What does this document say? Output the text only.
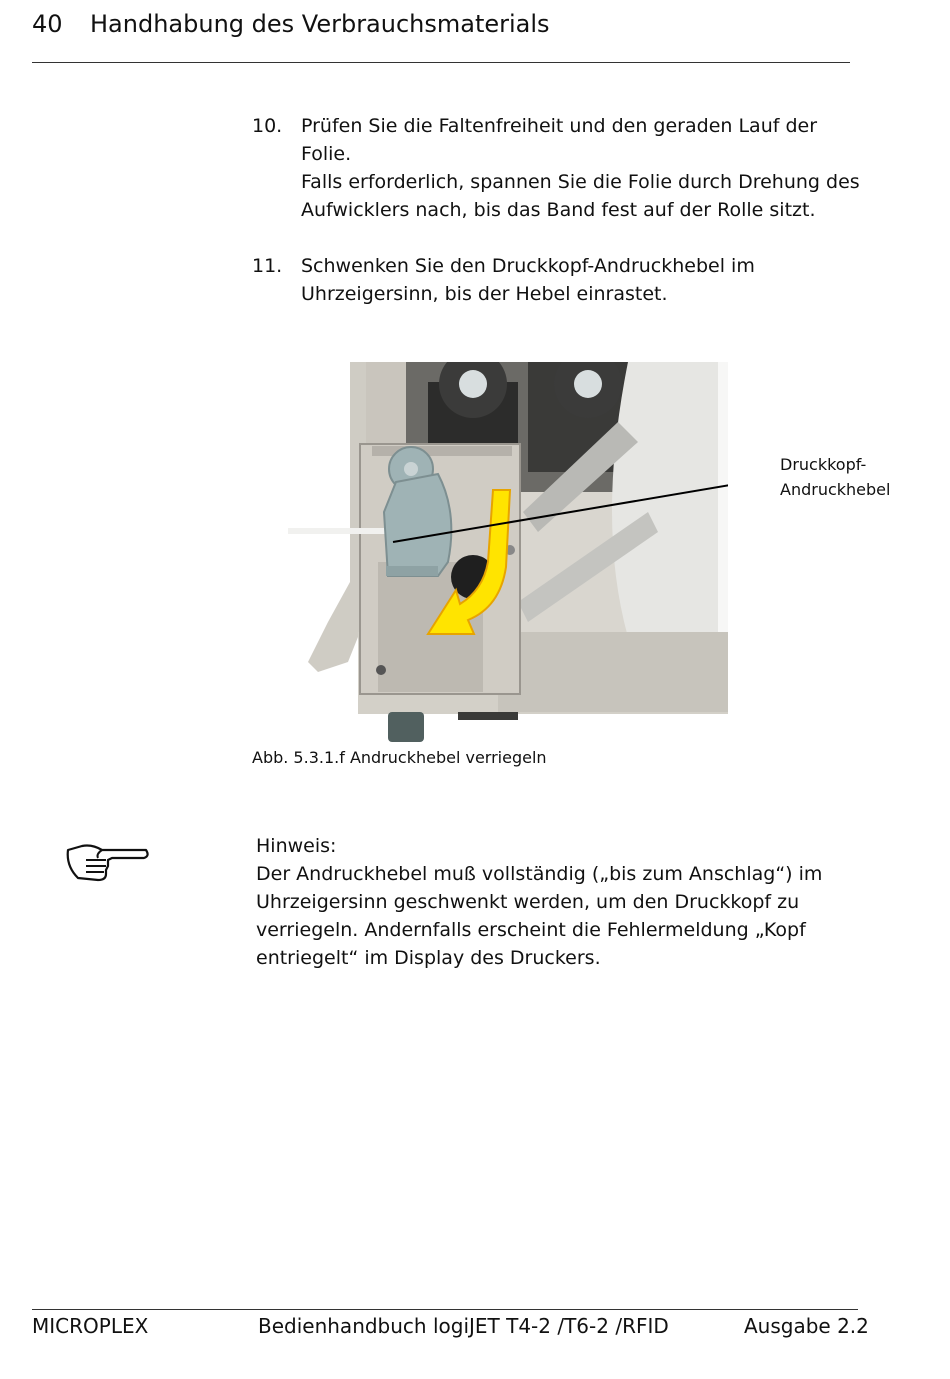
40 Handhabung des Verbrauchsmaterials
10. Prüfen Sie die Faltenfreiheit und den geraden Lauf der Folie.

Falls erforderlich, spannen Sie die Folie durch Drehung des Aufwicklers nach, bis das Band fest auf der Rolle sitzt.

11. Schwenken Sie den Druckkopf-Andruckhebel im Uhrzeigersinn, bis der Hebel einrastet.

Druckkopf-
Andruckhebel
Abb. 5.3.1.f Andruckhebel verriegeln

Hinweis:

Der Andruckhebel muß vollständig („bis zum Anschlag“) im Uhrzeigersinn geschwenkt werden, um den Druckkopf zu verriegeln. Andernfalls erscheint die Fehlermeldung „Kopf entriegelt“ im Display des Druckers.

MICROPLEX	Bedienhandbuch logiJET T4-2 /T6-2 /RFID	Ausgabe 2.2
